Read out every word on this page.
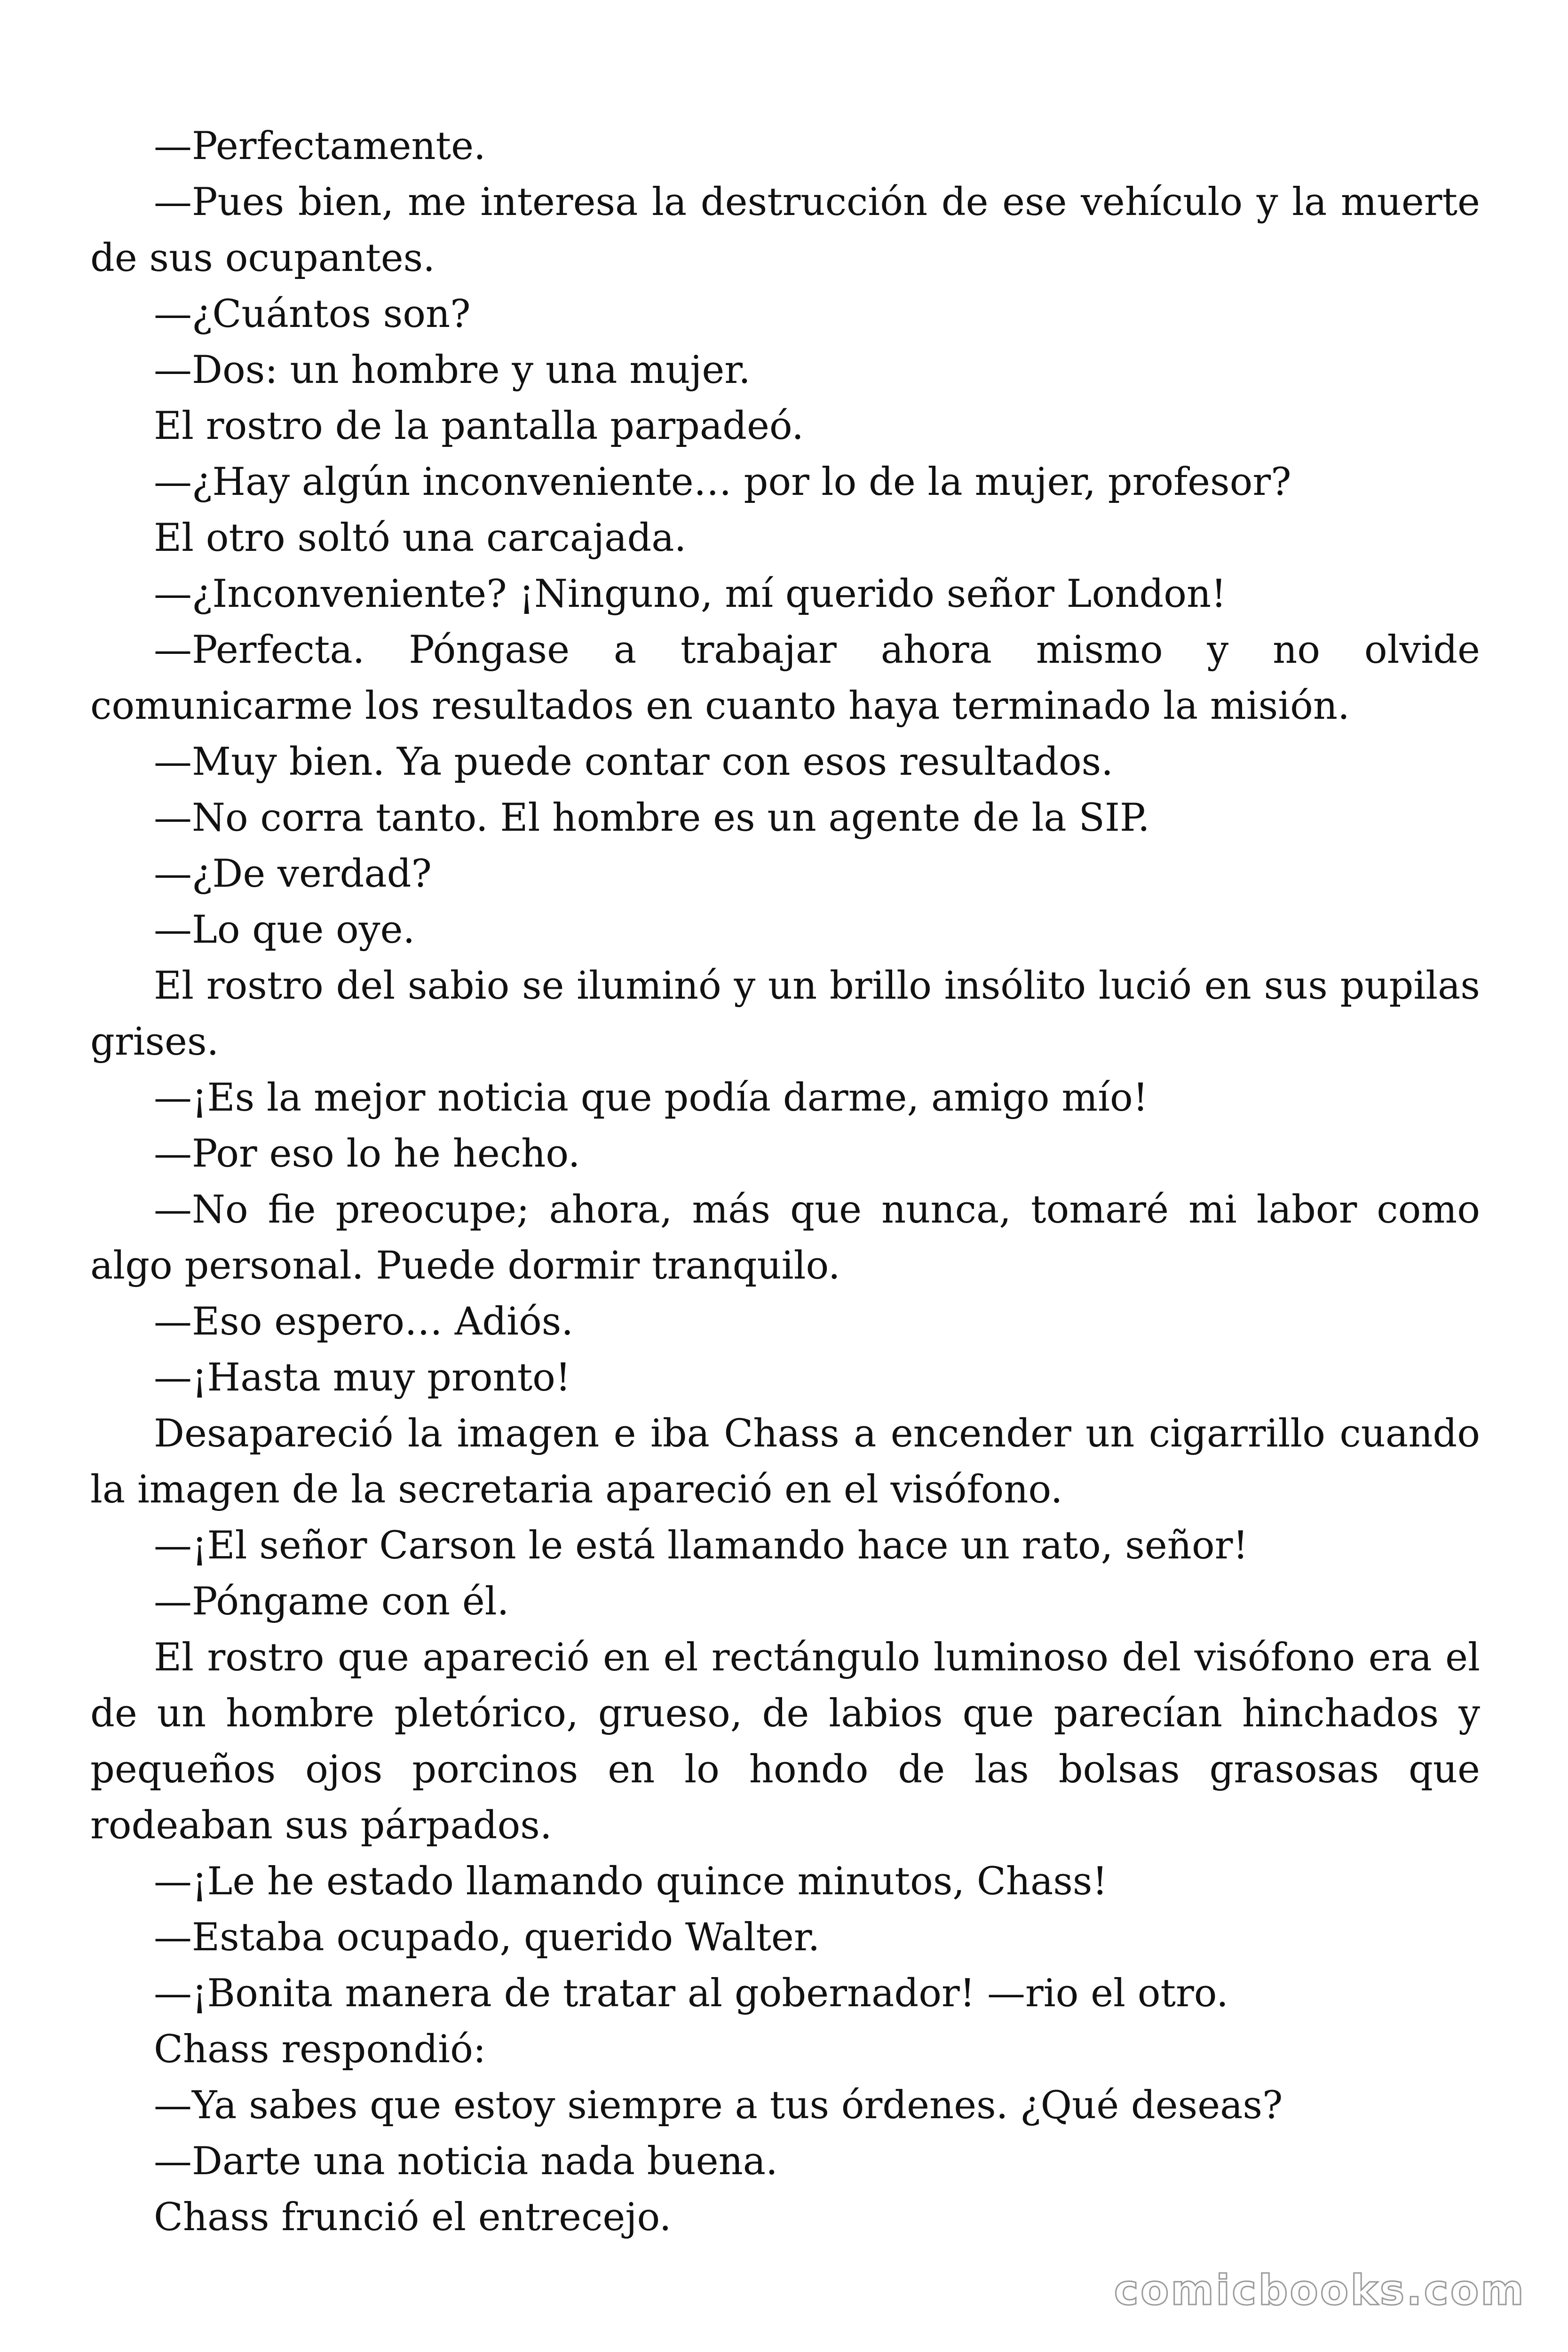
—Perfectamente.

—Pues bien, me interesa la destrucción de ese vehículo y la muerte de sus ocupantes.

—¿Cuántos son?

—Dos: un hombre y una mujer.

El rostro de la pantalla parpadeó.

—¿Hay algún inconveniente… por lo de la mujer, profesor?

El otro soltó una carcajada.

—¿Inconveniente? ¡Ninguno, mí querido señor London!

—Perfecta. Póngase a trabajar ahora mismo y no olvide comunicarme los resultados en cuanto haya terminado la misión.

—Muy bien. Ya puede contar con esos resultados.

—No corra tanto. El hombre es un agente de la SIP.

—¿De verdad?

—Lo que oye.

El rostro del sabio se iluminó y un brillo insólito lució en sus pupilas grises.

—¡Es la mejor noticia que podía darme, amigo mío!

—Por eso lo he hecho.

—No fie preocupe; ahora, más que nunca, tomaré mi labor como algo personal. Puede dormir tranquilo.

—Eso espero… Adiós.

—¡Hasta muy pronto!

Desapareció la imagen e iba Chass a encender un cigarrillo cuando la imagen de la secretaria apareció en el visófono.

—¡El señor Carson le está llamando hace un rato, señor!

—Póngame con él.

El rostro que apareció en el rectángulo luminoso del visófono era el de un hombre pletórico, grueso, de labios que parecían hinchados y pequeños ojos porcinos en lo hondo de las bolsas grasosas que rodeaban sus párpados.

—¡Le he estado llamando quince minutos, Chass!

—Estaba ocupado, querido Walter.

—¡Bonita manera de tratar al gobernador! —rio el otro.

Chass respondió:

—Ya sabes que estoy siempre a tus órdenes. ¿Qué deseas?

—Darte una noticia nada buena.

Chass frunció el entrecejo.

comicbooks.com
